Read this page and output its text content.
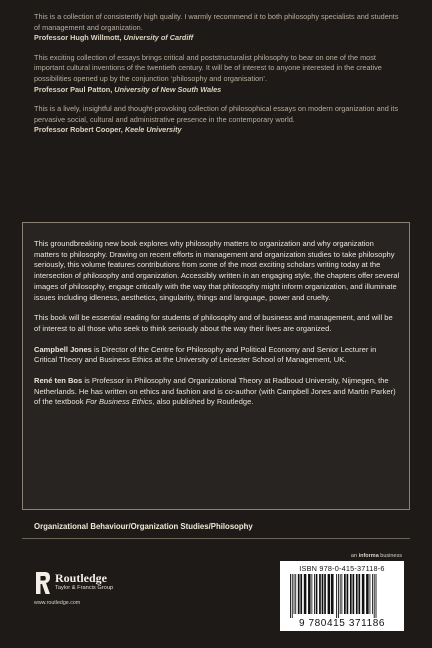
This is a collection of consistently high quality. I warmly recommend it to both philosophy specialists and students of management and organization.
Professor Hugh Willmott, University of Cardiff
This exciting collection of essays brings critical and poststructuralist philosophy to bear on one of the most important cultural inventions of the twentieth century. It will be of interest to anyone interested in the creative possibilities opened up by the conjunction ‘philosophy and organisation’.
Professor Paul Patton, University of New South Wales
This is a lively, insightful and thought-provoking collection of philosophical essays on modern organization and its pervasive social, cultural and administrative presence in the contemporary world.
Professor Robert Cooper, Keele University

This groundbreaking new book explores why philosophy matters to organization and why organization matters to philosophy. Drawing on recent efforts in management and organization studies to take philosophy seriously, this volume features contributions from some of the most exciting scholars writing today at the intersection of philosophy and organization. Accessibly written in an engaging style, the chapters offer several images of philosophy, engage critically with the way that philosophy might inform organization, and illuminate issues including idleness, aesthetics, singularity, things and language, power and cruelty.

This book will be essential reading for students of philosophy and of business and management, and will be of interest to all those who seek to think seriously about the way their lives are organized.

Campbell Jones is Director of the Centre for Philosophy and Political Economy and Senior Lecturer in Critical Theory and Business Ethics at the University of Leicester School of Management, UK.

René ten Bos is Professor in Philosophy and Organizational Theory at Radboud University, Nijmegen, the Netherlands. He has written on ethics and fashion and is co-author (with Campbell Jones and Martin Parker) of the textbook For Business Ethics, also published by Routledge.

Organizational Behaviour/Organization Studies/Philosophy
an informa business
Routledge
Taylor & Francis Group
www.routledge.com
ISBN 978-0-415-37118-6
9 780415 371186
